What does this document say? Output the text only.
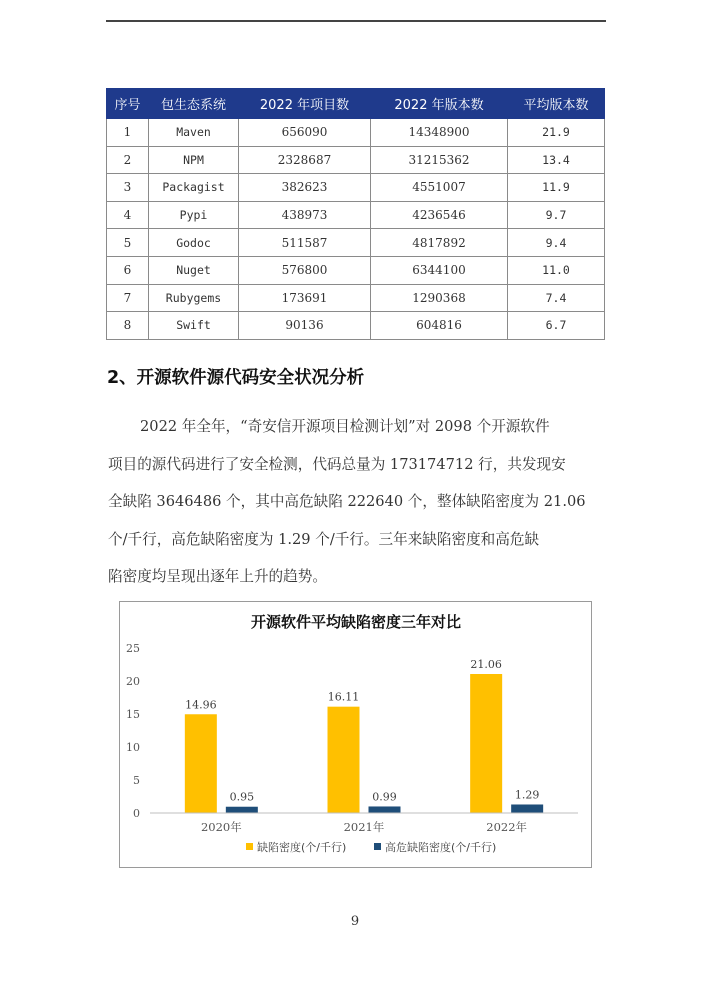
序号	包生态系统	2022 年项目数	2022 年版本数	平均版本数
1	Maven	656090	14348900	21.9
2	NPM	2328687	31215362	13.4
3	Packagist	382623	4551007	11.9
4	Pypi	438973	4236546	9.7
5	Godoc	511587	4817892	9.4
6	Nuget	576800	6344100	11.0
7	Rubygems	173691	1290368	7.4
8	Swift	90136	604816	6.7
2、开源软件源代码安全状况分析
2022 年全年，“奇安信开源项目检测计划”对 2098 个开源软件
项目的源代码进行了安全检测，代码总量为 173174712 行，共发现安
全缺陷 3646486 个，其中高危缺陷 222640 个，整体缺陷密度为 21.06
个/千行，高危缺陷密度为 1.29 个/千行。三年来缺陷密度和高危缺
陷密度均呈现出逐年上升的趋势。
开源软件平均缺陷密度三年对比
0
5
10
15
20
25
14.96
0.95
16.11
0.99
21.06
1.29
2020年	2021年	2022年
缺陷密度(个/千行)	高危缺陷密度(个/千行)
9
